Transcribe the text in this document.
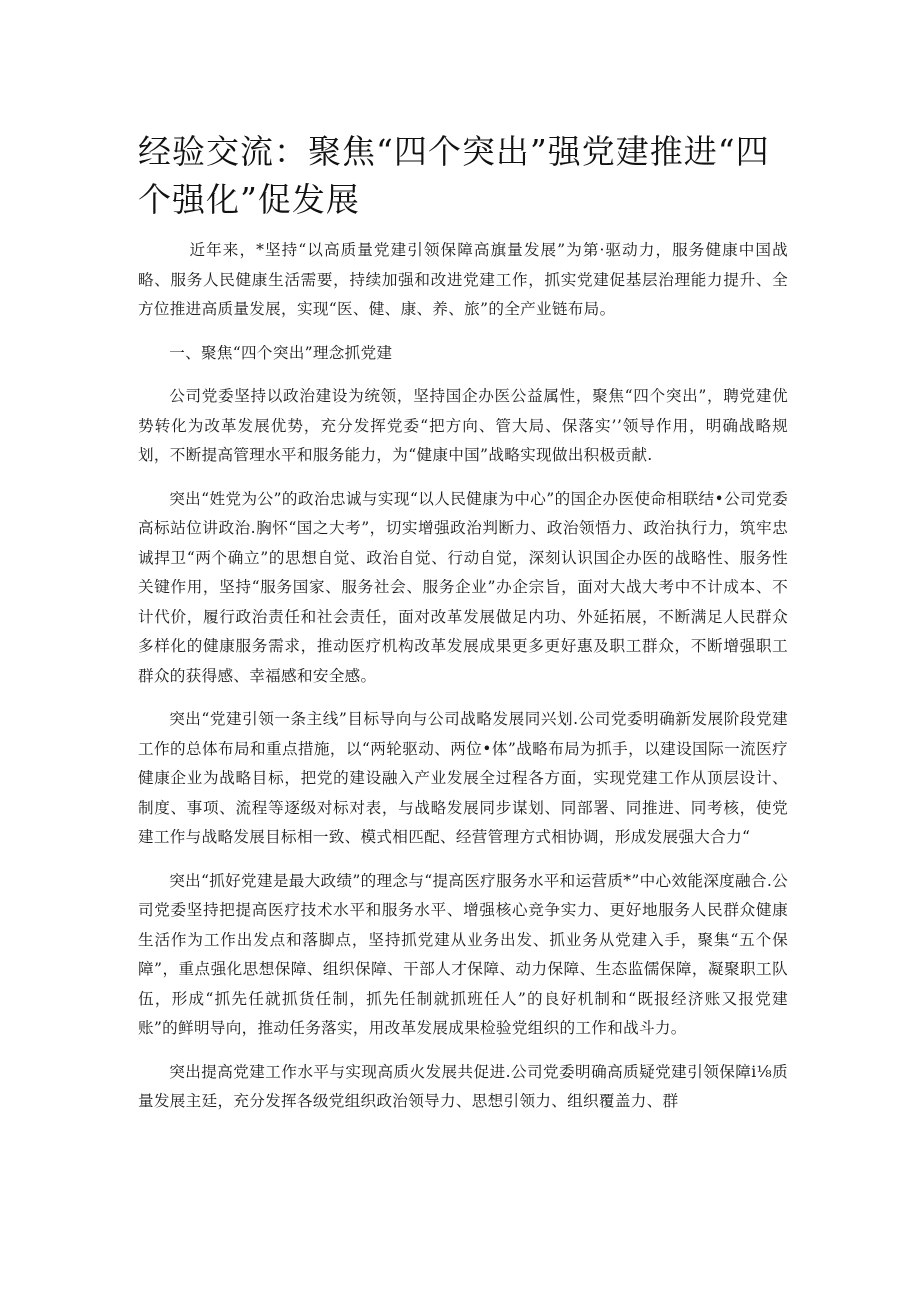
经验交流：聚焦“四个突出”强党建推进“四个强化”促发展

近年来，*坚持“以高质量党建引领保障高旗量发展”为第·驱动力，服务健康中国战略、服务人民健康生活需要，持续加强和改进党建工作，抓实党建促基层治理能力提升、全方位推进高质量发展，实现“医、健、康、养、旅”的全产业链布局。

一、聚焦“四个突出”理念抓党建

公司党委坚持以政治建设为统领，坚持国企办医公益属性，聚焦“四个突出”，聘党建优势转化为改革发展优势，充分发挥党委“把方向、管大局、保落实’’领导作用，明确战略规划，不断提高管理水平和服务能力，为“健康中国”战略实现做出积极贡献.

突出“姓党为公”的政治忠诚与实现“以人民健康为中心”的国企办医使命相联结•公司党委高标站位讲政治.胸怀“国之大考”，切实增强政治判断力、政治领悟力、政治执行力，筑牢忠诚捍卫“两个确立”的思想自觉、政治自觉、行动自觉，深刻认识国企办医的战略性、服务性关键作用，坚持“服务国家、服务社会、服务企业”办企宗旨，面对大战大考中不计成本、不计代价，履行政治责任和社会责任，面对改革发展做足内功、外延拓展，不断满足人民群众多样化的健康服务需求，推动医疗机构改革发展成果更多更好惠及职工群众，不断增强职工群众的获得感、幸福感和安全感。

突出“党建引领一条主线”目标导向与公司战略发展同兴划.公司党委明确新发展阶段党建工作的总体布局和重点措施，以“两轮驱动、两位•体”战略布局为抓手，以建设国际一流医疗健康企业为战略目标，把党的建设融入产业发展全过程各方面，实现党建工作从顶层设计、制度、事项、流程等逐级对标对表，与战略发展同步谋划、同部署、同推进、同考核，使党建工作与战略发展目标相一致、模式相匹配、经营管理方式相协调，形成发展强大合力“

突出“抓好党建是最大政绩”的理念与“提高医疗服务水平和运营质*”中心效能深度融合.公司党委坚持把提高医疗技术水平和服务水平、增强核心竞争实力、更好地服务人民群众健康生活作为工作出发点和落脚点，坚持抓党建从业务出发、抓业务从党建入手，聚集“五个保障”，重点强化思想保障、组织保障、干部人才保障、动力保障、生态监儒保障，凝聚职工队伍，形成“抓先任就抓货任制，抓先任制就抓班任人”的良好机制和“既报经济账又报党建账”的鲜明导向，推动任务落实，用改革发展成果检验党组织的工作和战斗力。

突出提高党建工作水平与实现高质火发展共促进.公司党委明确高质疑党建引领保障i⅛质量发展主廷，充分发挥各级党组织政治领导力、思想引领力、组织覆盖力、群
